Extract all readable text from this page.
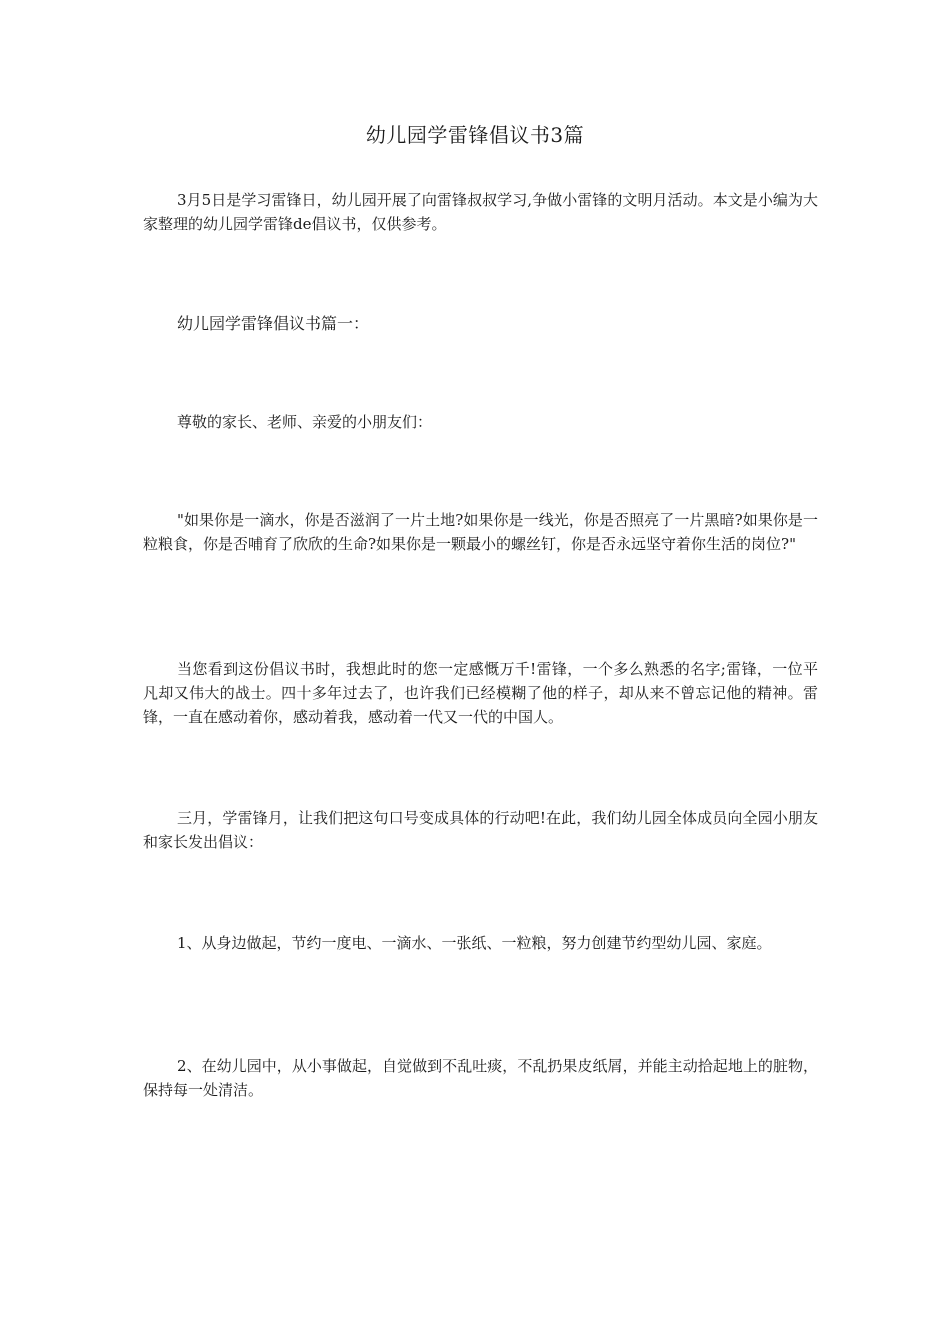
幼儿园学雷锋倡议书3篇

3月5日是学习雷锋日，幼儿园开展了向雷锋叔叔学习,争做小雷锋的文明月活动。本文是小编为大家整理的幼儿园学雷锋de倡议书，仅供参考。

幼儿园学雷锋倡议书篇一：

尊敬的家长、老师、亲爱的小朋友们：

"如果你是一滴水，你是否滋润了一片土地?如果你是一线光，你是否照亮了一片黑暗?如果你是一粒粮食，你是否哺育了欣欣的生命?如果你是一颗最小的螺丝钉，你是否永远坚守着你生活的岗位?"

当您看到这份倡议书时，我想此时的您一定感慨万千!雷锋，一个多么熟悉的名字;雷锋，一位平凡却又伟大的战士。四十多年过去了，也许我们已经模糊了他的样子，却从来不曾忘记他的精神。雷锋，一直在感动着你，感动着我，感动着一代又一代的中国人。

三月，学雷锋月，让我们把这句口号变成具体的行动吧!在此，我们幼儿园全体成员向全园小朋友和家长发出倡议：

1、从身边做起，节约一度电、一滴水、一张纸、一粒粮，努力创建节约型幼儿园、家庭。

2、在幼儿园中，从小事做起，自觉做到不乱吐痰，不乱扔果皮纸屑，并能主动拾起地上的脏物，保持每一处清洁。
